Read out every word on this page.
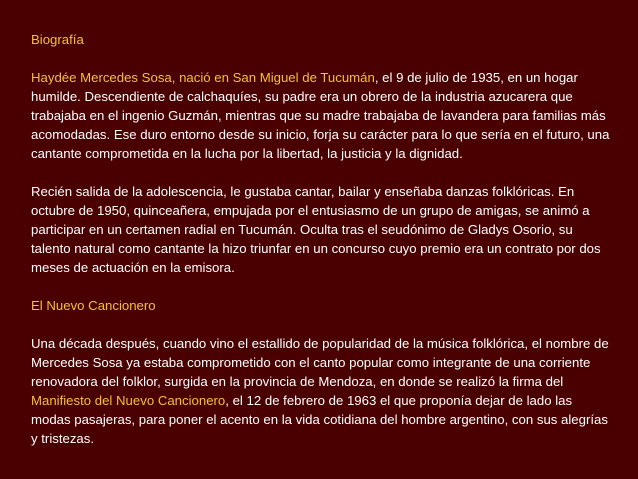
Biografía

Haydée Mercedes Sosa, nació en San Miguel de Tucumán, el 9 de julio de 1935, en un hogar humilde. Descendiente de calchaquíes, su padre era un obrero de la industria azucarera que trabajaba en el ingenio Guzmán, mientras que su madre trabajaba de lavandera para familias más acomodadas. Ese duro entorno desde su inicio, forja su carácter para lo que sería en el futuro, una cantante comprometida en la lucha por la libertad, la justicia y la dignidad.

Recién salida de la adolescencia, le gustaba cantar, bailar y enseñaba danzas folklóricas. En octubre de 1950, quinceañera, empujada por el entusiasmo de un grupo de amigas, se animó a participar en un certamen radial en Tucumán. Oculta tras el seudónimo de Gladys Osorio, su talento natural como cantante la hizo triunfar en un concurso cuyo premio era un contrato por dos meses de actuación en la emisora.

El Nuevo Cancionero

Una década después, cuando vino el estallido de popularidad de la música folklórica, el nombre de Mercedes Sosa ya estaba comprometido con el canto popular como integrante de una corriente renovadora del folklor, surgida en la provincia de Mendoza, en donde se realizó la firma del Manifiesto del Nuevo Cancionero, el 12 de febrero de 1963 el que proponía dejar de lado las modas pasajeras, para poner el acento en la vida cotidiana del hombre argentino, con sus alegrías y tristezas.
